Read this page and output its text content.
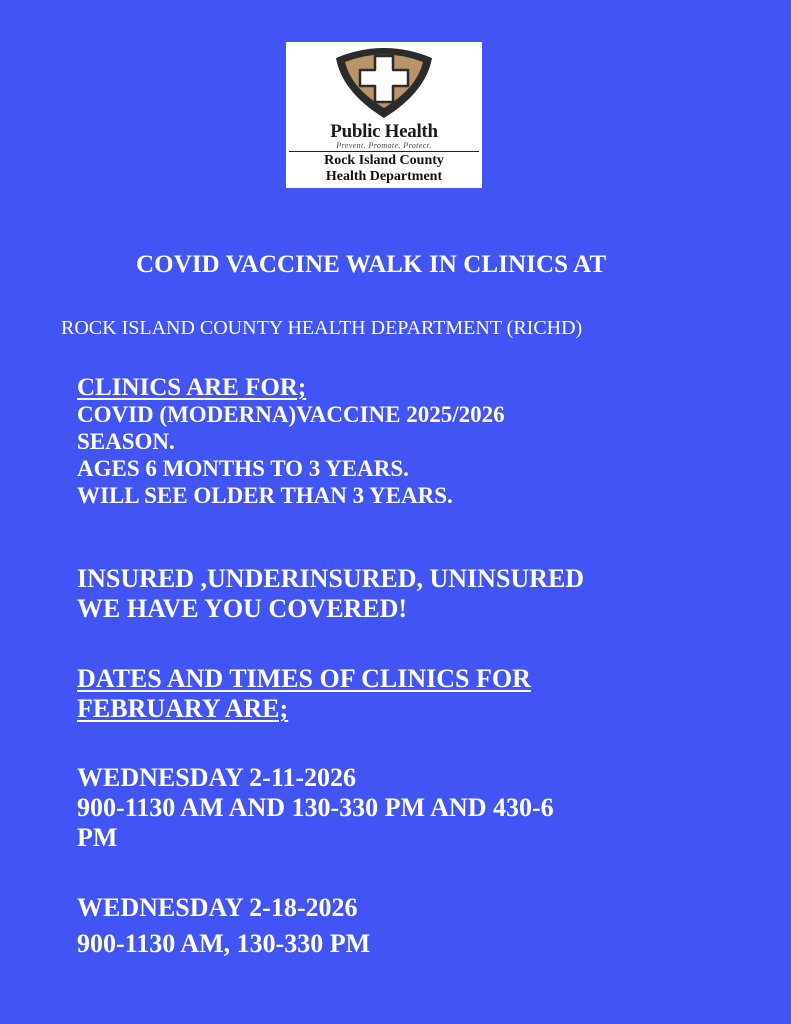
Public Health
Prevent. Promote. Protect.
Rock Island County
Health Department
COVID VACCINE WALK IN CLINICS AT
ROCK ISLAND COUNTY HEALTH DEPARTMENT (RICHD)
CLINICS ARE FOR;
COVID (MODERNA)VACCINE 2025/2026
SEASON.
AGES 6 MONTHS TO 3 YEARS.
WILL SEE OLDER THAN 3 YEARS.
INSURED ,UNDERINSURED, UNINSURED
WE HAVE YOU COVERED!
DATES AND TIMES OF CLINICS FOR
FEBRUARY ARE;
WEDNESDAY 2-11-2026
900-1130 AM AND 130-330 PM AND 430-6
PM
WEDNESDAY 2-18-2026
900-1130 AM, 130-330 PM
